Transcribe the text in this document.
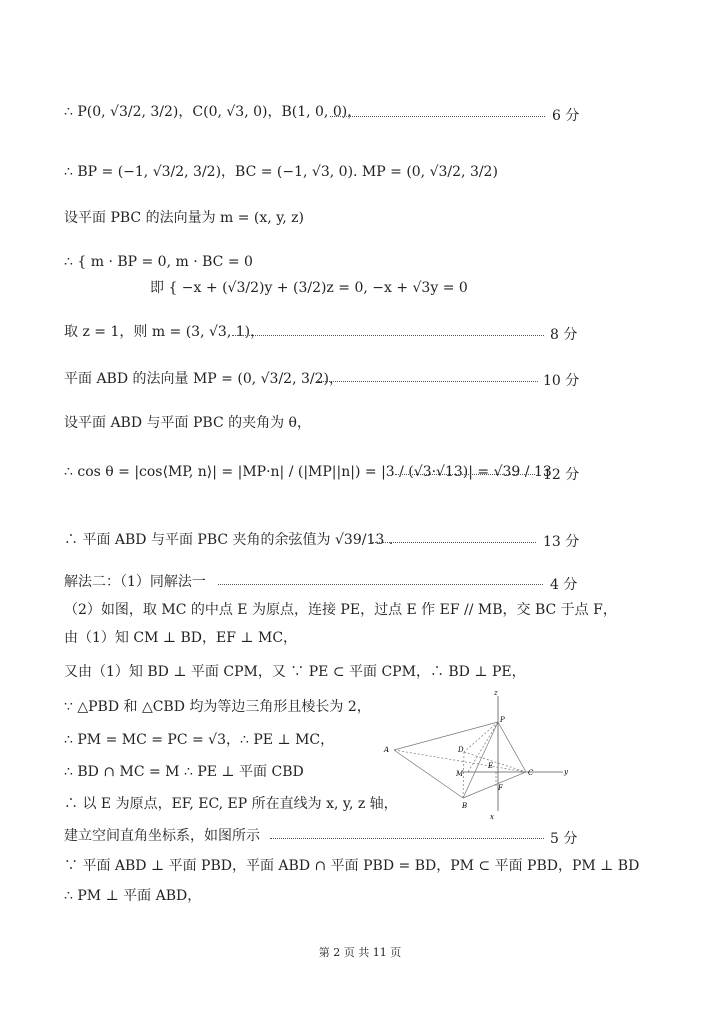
∴ P(0, √3/2, 3/2)，C(0, √3, 0)，B(1, 0, 0)，	6 分
∴ BP = (−1, √3/2, 3/2)，BC = (−1, √3, 0). MP = (0, √3/2, 3/2)
设平面 PBC 的法向量为 m = (x, y, z)
∴ { m · BP = 0, m · BC = 0
即 { −x + (√3/2)y + (3/2)z = 0, −x + √3y = 0
取 z = 1，则 m = (3, √3, 1)，	8 分
平面 ABD 的法向量 MP = (0, √3/2, 3/2)，	10 分
设平面 ABD 与平面 PBC 的夹角为 θ，
∴ cos θ = |cos⟨MP, n⟩| = |MP·n| / (|MP||n|) = |3 / (√3·√13)| = √39 / 13
12 分
∴ 平面 ABD 与平面 PBC 夹角的余弦值为 √39/13 .	13 分
解法二：（1）同解法一	4 分
（2）如图，取 MC 的中点 E 为原点，连接 PE，过点 E 作 EF // MB，交 BC 于点 F，
由（1）知 CM ⊥ BD，EF ⊥ MC，
又由（1）知 BD ⊥ 平面 CPM，又 ∵ PE ⊂ 平面 CPM，∴ BD ⊥ PE，
∵ △PBD 和 △CBD 均为等边三角形且棱长为 2，
∴ PM = MC = PC = √3，∴ PE ⊥ MC，
∴ BD ∩ MC = M ∴ PE ⊥ 平面 CBD
∴ 以 E 为原点，EF, EC, EP 所在直线为 x, y, z 轴，
建立空间直角坐标系，如图所示	5 分
∵ 平面 ABD ⊥ 平面 PBD，平面 ABD ∩ 平面 PBD = BD，PM ⊂ 平面 PBD，PM ⊥ BD
∴ PM ⊥ 平面 ABD，
z
P
A	D
E
M	C	y
F
B
x
第 2 页 共 11 页
